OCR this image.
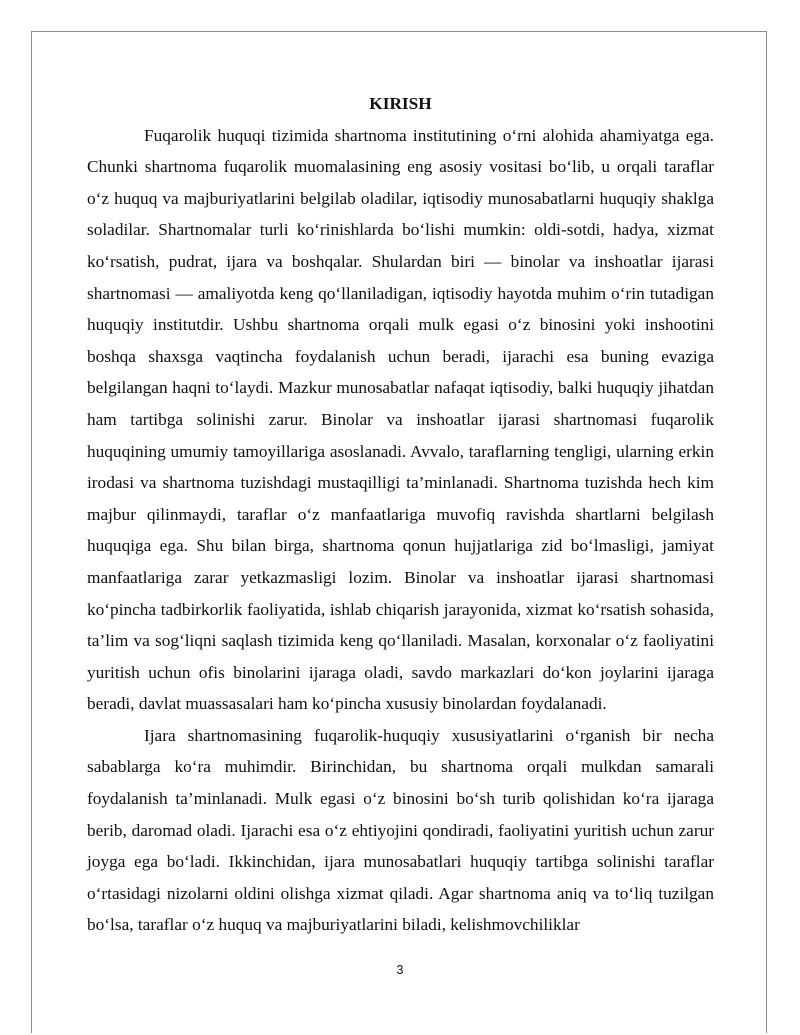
KIRISH

Fuqarolik huquqi tizimida shartnoma institutining o‘rni alohida ahamiyatga ega. Chunki shartnoma fuqarolik muomalasining eng asosiy vositasi bo‘lib, u orqali taraflar o‘z huquq va majburiyatlarini belgilab oladilar, iqtisodiy munosabatlarni huquqiy shaklga soladilar. Shartnomalar turli ko‘rinishlarda bo‘lishi mumkin: oldi-sotdi, hadya, xizmat ko‘rsatish, pudrat, ijara va boshqalar. Shulardan biri — binolar va inshoatlar ijarasi shartnomasi — amaliyotda keng qo‘llaniladigan, iqtisodiy hayotda muhim o‘rin tutadigan huquqiy institutdir. Ushbu shartnoma orqali mulk egasi o‘z binosini yoki inshootini boshqa shaxsga vaqtincha foydalanish uchun beradi, ijarachi esa buning evaziga belgilangan haqni to‘laydi. Mazkur munosabatlar nafaqat iqtisodiy, balki huquqiy jihatdan ham tartibga solinishi zarur. Binolar va inshoatlar ijarasi shartnomasi fuqarolik huquqining umumiy tamoyillariga asoslanadi. Avvalo, taraflarning tengligi, ularning erkin irodasi va shartnoma tuzishdagi mustaqilligi ta’minlanadi. Shartnoma tuzishda hech kim majbur qilinmaydi, taraflar o‘z manfaatlariga muvofiq ravishda shartlarni belgilash huquqiga ega. Shu bilan birga, shartnoma qonun hujjatlariga zid bo‘lmasligi, jamiyat manfaatlariga zarar yetkazmasligi lozim. Binolar va inshoatlar ijarasi shartnomasi ko‘pincha tadbirkorlik faoliyatida, ishlab chiqarish jarayonida, xizmat ko‘rsatish sohasida, ta’lim va sog‘liqni saqlash tizimida keng qo‘llaniladi. Masalan, korxonalar o‘z faoliyatini yuritish uchun ofis binolarini ijaraga oladi, savdo markazlari do‘kon joylarini ijaraga beradi, davlat muassasalari ham ko‘pincha xususiy binolardan foydalanadi.

Ijara shartnomasining fuqarolik-huquqiy xususiyatlarini o‘rganish bir necha sabablarga ko‘ra muhimdir. Birinchidan, bu shartnoma orqali mulkdan samarali foydalanish ta’minlanadi. Mulk egasi o‘z binosini bo‘sh turib qolishidan ko‘ra ijaraga berib, daromad oladi. Ijarachi esa o‘z ehtiyojini qondiradi, faoliyatini yuritish uchun zarur joyga ega bo‘ladi. Ikkinchidan, ijara munosabatlari huquqiy tartibga solinishi taraflar o‘rtasidagi nizolarni oldini olishga xizmat qiladi. Agar shartnoma aniq va to‘liq tuzilgan bo‘lsa, taraflar o‘z huquq va majburiyatlarini biladi, kelishmovchiliklar

3
